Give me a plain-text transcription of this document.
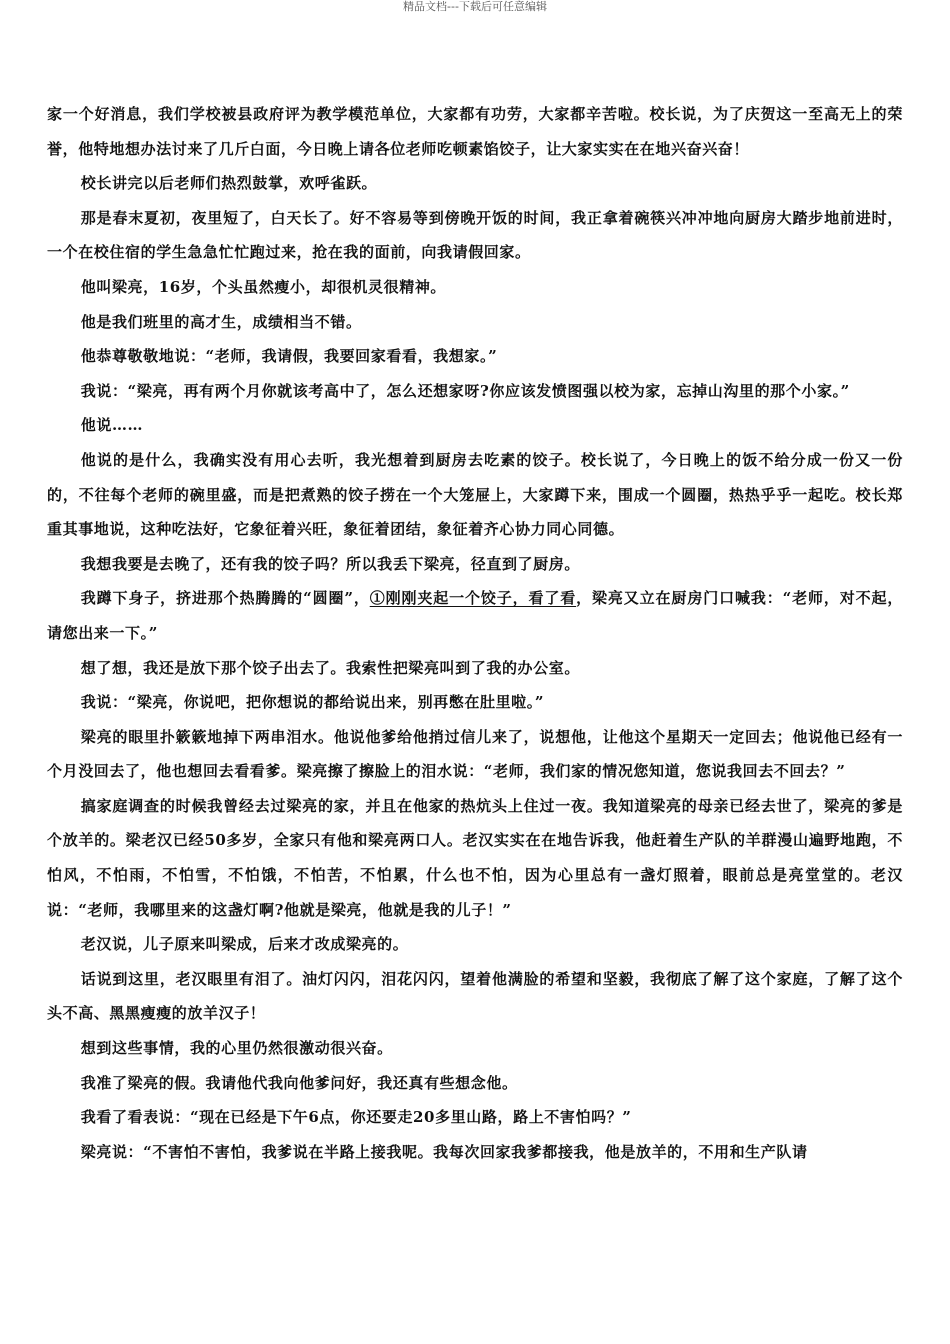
精品文档---下载后可任意编辑

家一个好消息，我们学校被县政府评为教学模范单位，大家都有功劳，大家都辛苦啦。校长说，为了庆贺这一至高无上的荣誉，他特地想办法讨来了几斤白面，今日晚上请各位老师吃顿素馅饺子，让大家实实在在地兴奋兴奋！

校长讲完以后老师们热烈鼓掌，欢呼雀跃。

那是春末夏初，夜里短了，白天长了。好不容易等到傍晚开饭的时间，我正拿着碗筷兴冲冲地向厨房大踏步地前进时，一个在校住宿的学生急急忙忙跑过来，抢在我的面前，向我请假回家。

他叫梁亮，16岁，个头虽然瘦小，却很机灵很精神。

他是我们班里的高才生，成绩相当不错。

他恭尊敬敬地说：“老师，我请假，我要回家看看，我想家。”

我说：“梁亮，再有两个月你就该考高中了，怎么还想家呀?你应该发愤图强以校为家，忘掉山沟里的那个小家。”

他说……

他说的是什么，我确实没有用心去听，我光想着到厨房去吃素的饺子。校长说了，今日晚上的饭不给分成一份又一份的，不往每个老师的碗里盛，而是把煮熟的饺子捞在一个大笼屉上，大家蹲下来，围成一个圆圈，热热乎乎一起吃。校长郑重其事地说，这种吃法好，它象征着兴旺，象征着团结，象征着齐心协力同心同德。

我想我要是去晚了，还有我的饺子吗？所以我丢下梁亮，径直到了厨房。

我蹲下身子，挤进那个热腾腾的“圆圈”，①刚刚夹起一个饺子，看了看，梁亮又立在厨房门口喊我：“老师，对不起，请您出来一下。”

想了想，我还是放下那个饺子出去了。我索性把梁亮叫到了我的办公室。

我说：“梁亮，你说吧，把你想说的都给说出来，别再憋在肚里啦。”

梁亮的眼里扑簌簌地掉下两串泪水。他说他爹给他捎过信儿来了，说想他，让他这个星期天一定回去；他说他已经有一个月没回去了，他也想回去看看爹。梁亮擦了擦脸上的泪水说：“老师，我们家的情况您知道，您说我回去不回去？”

搞家庭调查的时候我曾经去过梁亮的家，并且在他家的热炕头上住过一夜。我知道梁亮的母亲已经去世了，梁亮的爹是个放羊的。梁老汉已经50多岁，全家只有他和梁亮两口人。老汉实实在在地告诉我，他赶着生产队的羊群漫山遍野地跑，不怕风，不怕雨，不怕雪，不怕饿，不怕苦，不怕累，什么也不怕，因为心里总有一盏灯照着，眼前总是亮堂堂的。老汉说：“老师，我哪里来的这盏灯啊?他就是梁亮，他就是我的儿子！”

老汉说，儿子原来叫梁成，后来才改成梁亮的。

话说到这里，老汉眼里有泪了。油灯闪闪，泪花闪闪，望着他满脸的希望和坚毅，我彻底了解了这个家庭，了解了这个头不高、黑黑瘦瘦的放羊汉子！

想到这些事情，我的心里仍然很激动很兴奋。

我准了梁亮的假。我请他代我向他爹问好，我还真有些想念他。

我看了看表说：“现在已经是下午6点，你还要走20多里山路，路上不害怕吗？”

梁亮说：“不害怕不害怕，我爹说在半路上接我呢。我每次回家我爹都接我，他是放羊的，不用和生产队请
